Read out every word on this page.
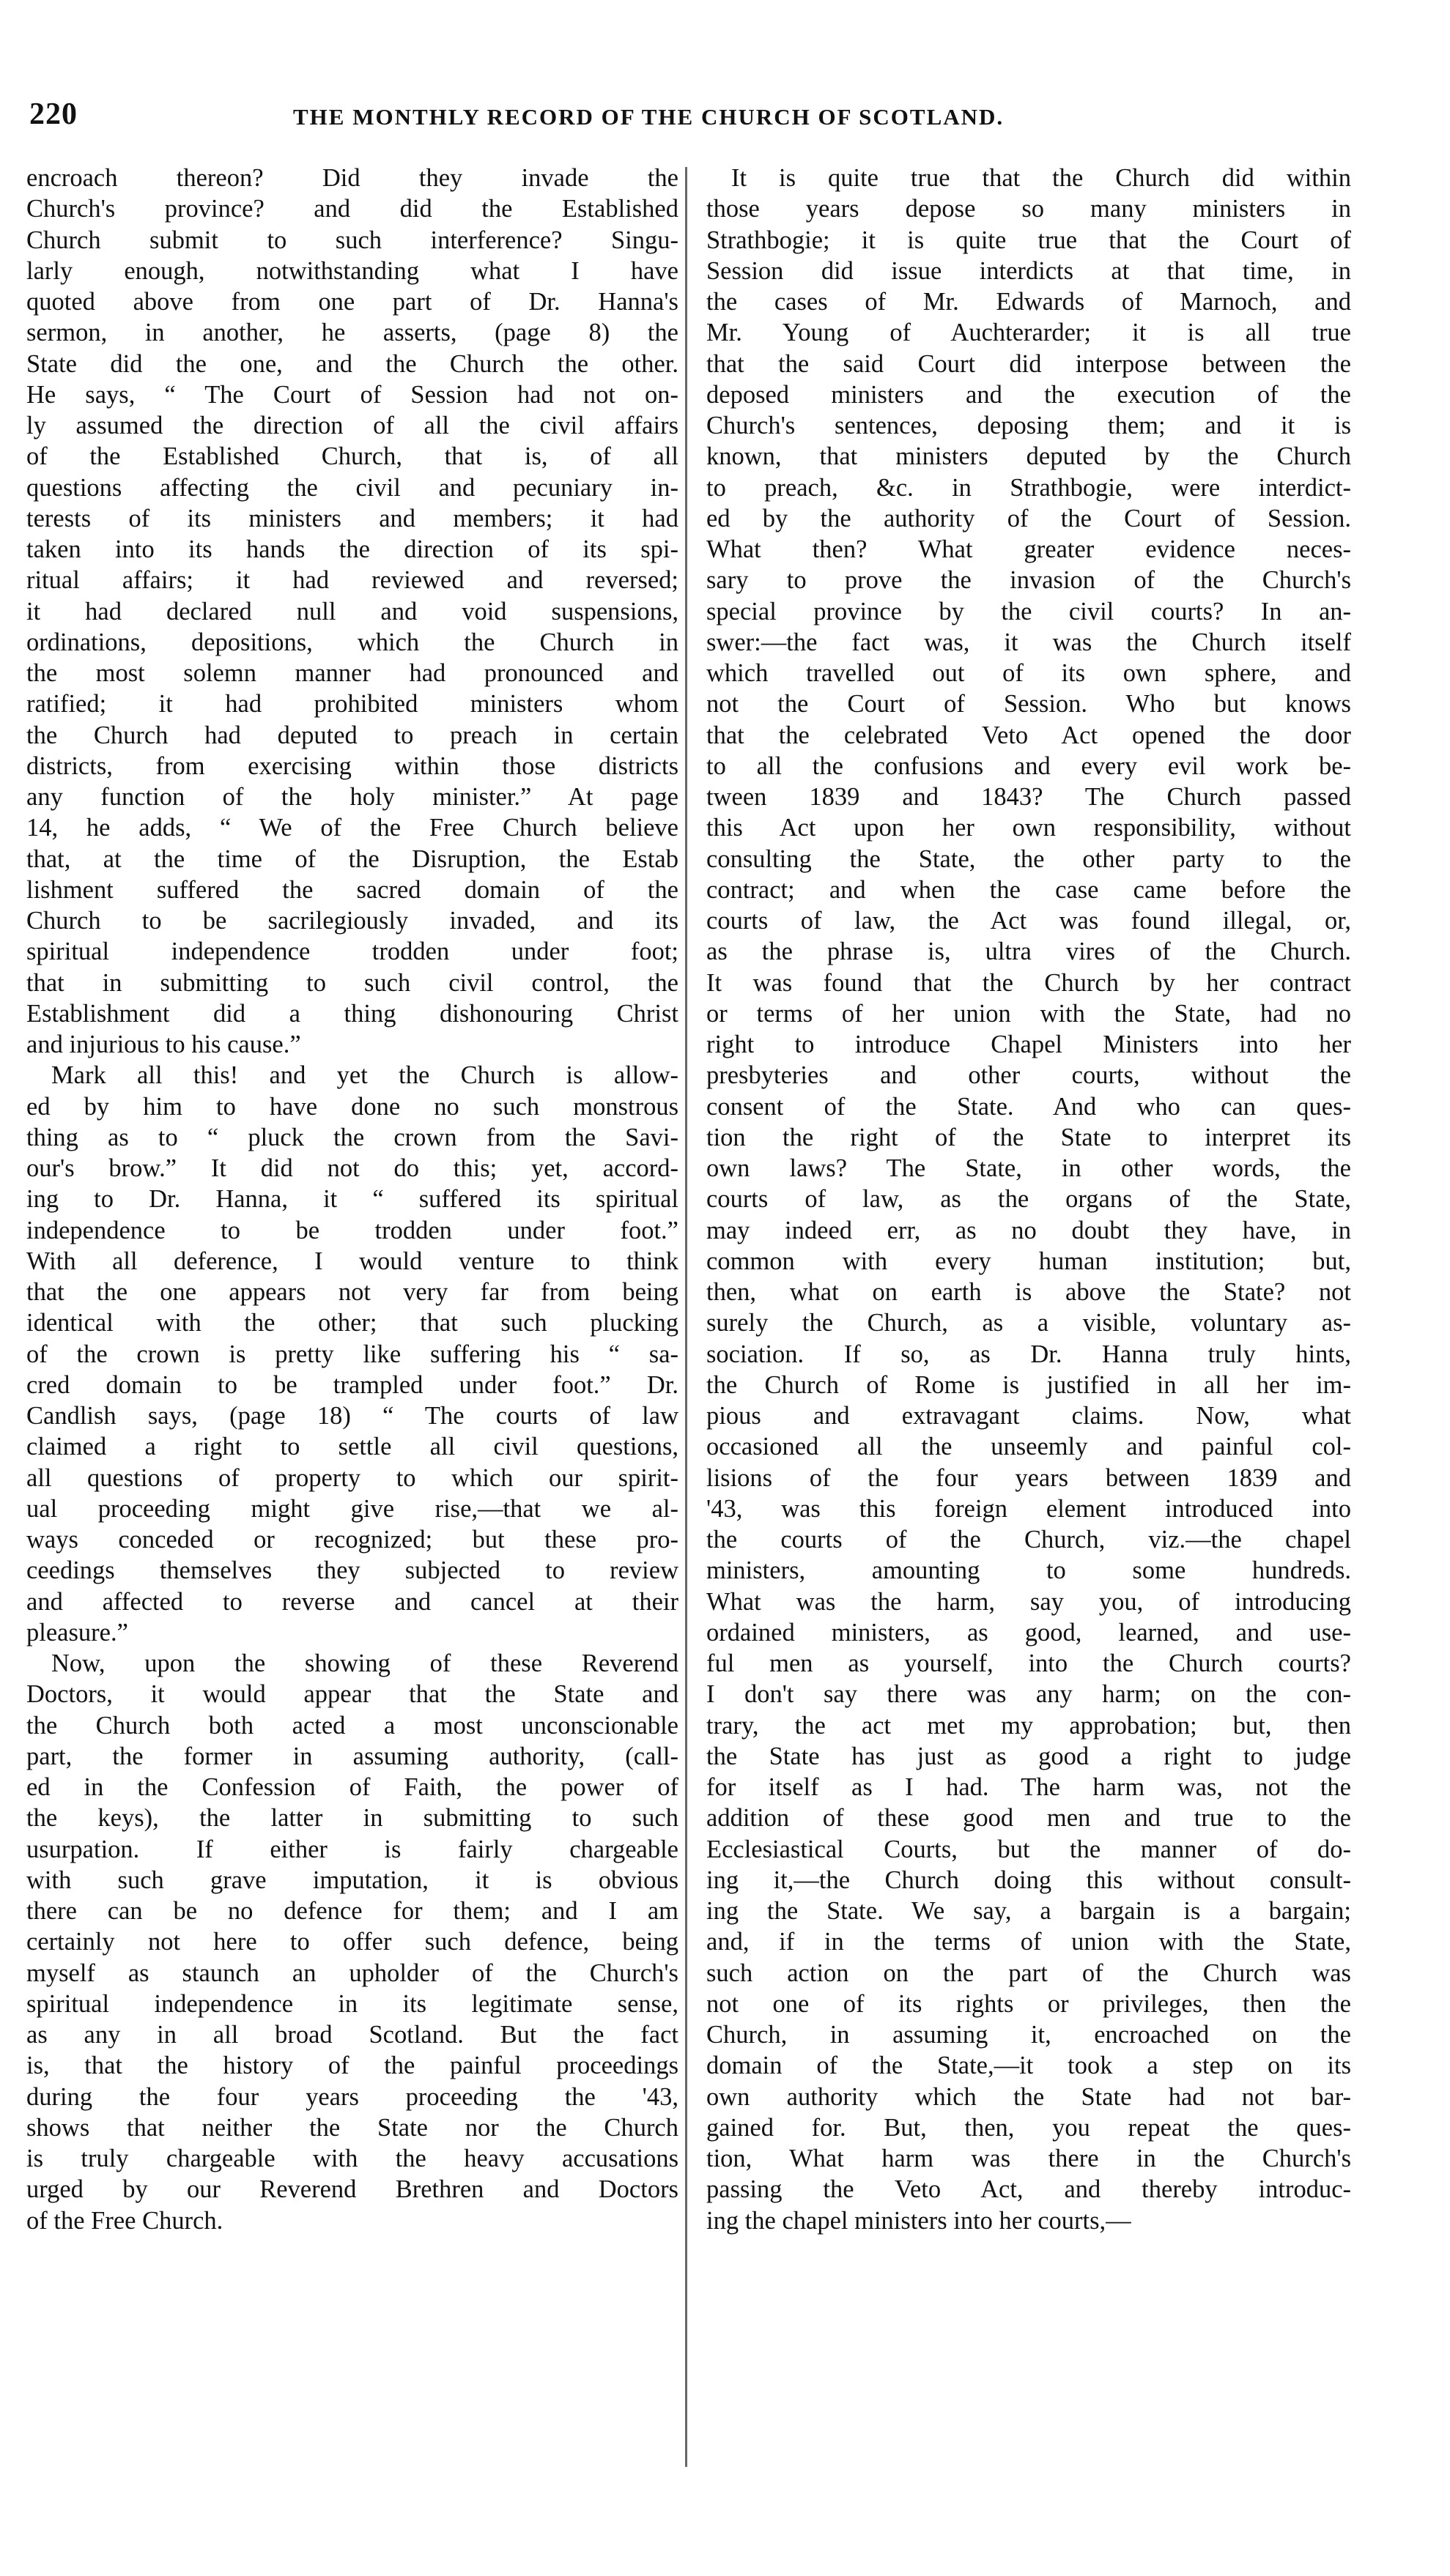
220	THE MONTHLY RECORD OF THE CHURCH OF SCOTLAND.
encroach thereon? Did they invade the
Church's province? and did the Established
Church submit to such interference? Singu-
larly enough, notwithstanding what I have
quoted above from one part of Dr. Hanna's
sermon, in another, he asserts, (page 8) the
State did the one, and the Church the other.
He says, “ The Court of Session had not on-
ly assumed the direction of all the civil affairs
of the Established Church, that is, of all
questions affecting the civil and pecuniary in-
terests of its ministers and members; it had
taken into its hands the direction of its spi-
ritual affairs; it had reviewed and reversed;
it had declared null and void suspensions,
ordinations, depositions, which the Church in
the most solemn manner had pronounced and
ratified; it had prohibited ministers whom
the Church had deputed to preach in certain
districts, from exercising within those districts
any function of the holy minister.” At page
14, he adds, “ We of the Free Church believe
that, at the time of the Disruption, the Estab
lishment suffered the sacred domain of the
Church to be sacrilegiously invaded, and its
spiritual independence trodden under foot;
that in submitting to such civil control, the
Establishment did a thing dishonouring Christ
and injurious to his cause.”
Mark all this! and yet the Church is allow-
ed by him to have done no such monstrous
thing as to “ pluck the crown from the Savi-
our's brow.” It did not do this; yet, accord-
ing to Dr. Hanna, it “ suffered its spiritual
independence to be trodden under foot.”
With all deference, I would venture to think
that the one appears not very far from being
identical with the other; that such plucking
of the crown is pretty like suffering his “ sa-
cred domain to be trampled under foot.” Dr.
Candlish says, (page 18) “ The courts of law
claimed a right to settle all civil questions,
all questions of property to which our spirit-
ual proceeding might give rise,—that we al-
ways conceded or recognized; but these pro-
ceedings themselves they subjected to review
and affected to reverse and cancel at their
pleasure.”
Now, upon the showing of these Reverend
Doctors, it would appear that the State and
the Church both acted a most unconscionable
part, the former in assuming authority, (call-
ed in the Confession of Faith, the power of
the keys), the latter in submitting to such
usurpation. If either is fairly chargeable
with such grave imputation, it is obvious
there can be no defence for them; and I am
certainly not here to offer such defence, being
myself as staunch an upholder of the Church's
spiritual independence in its legitimate sense,
as any in all broad Scotland. But the fact
is, that the history of the painful proceedings
during the four years proceeding the '43,
shows that neither the State nor the Church
is truly chargeable with the heavy accusations
urged by our Reverend Brethren and Doctors
of the Free Church.
It is quite true that the Church did within
those years depose so many ministers in
Strathbogie; it is quite true that the Court of
Session did issue interdicts at that time, in
the cases of Mr. Edwards of Marnoch, and
Mr. Young of Auchterarder; it is all true
that the said Court did interpose between the
deposed ministers and the execution of the
Church's sentences, deposing them; and it is
known, that ministers deputed by the Church
to preach, &c. in Strathbogie, were interdict-
ed by the authority of the Court of Session.
What then? What greater evidence neces-
sary to prove the invasion of the Church's
special province by the civil courts? In an-
swer:—the fact was, it was the Church itself
which travelled out of its own sphere, and
not the Court of Session. Who but knows
that the celebrated Veto Act opened the door
to all the confusions and every evil work be-
tween 1839 and 1843? The Church passed
this Act upon her own responsibility, without
consulting the State, the other party to the
contract; and when the case came before the
courts of law, the Act was found illegal, or,
as the phrase is, ultra vires of the Church.
It was found that the Church by her contract
or terms of her union with the State, had no
right to introduce Chapel Ministers into her
presbyteries and other courts, without the
consent of the State. And who can ques-
tion the right of the State to interpret its
own laws? The State, in other words, the
courts of law, as the organs of the State,
may indeed err, as no doubt they have, in
common with every human institution; but,
then, what on earth is above the State? not
surely the Church, as a visible, voluntary as-
sociation. If so, as Dr. Hanna truly hints,
the Church of Rome is justified in all her im-
pious and extravagant claims. Now, what
occasioned all the unseemly and painful col-
lisions of the four years between 1839 and
'43, was this foreign element introduced into
the courts of the Church, viz.—the chapel
ministers, amounting to some hundreds.
What was the harm, say you, of introducing
ordained ministers, as good, learned, and use-
ful men as yourself, into the Church courts?
I don't say there was any harm; on the con-
trary, the act met my approbation; but, then
the State has just as good a right to judge
for itself as I had. The harm was, not the
addition of these good men and true to the
Ecclesiastical Courts, but the manner of do-
ing it,—the Church doing this without consult-
ing the State. We say, a bargain is a bargain;
and, if in the terms of union with the State,
such action on the part of the Church was
not one of its rights or privileges, then the
Church, in assuming it, encroached on the
domain of the State,—it took a step on its
own authority which the State had not bar-
gained for. But, then, you repeat the ques-
tion, What harm was there in the Church's
passing the Veto Act, and thereby introduc-
ing the chapel ministers into her courts,—
